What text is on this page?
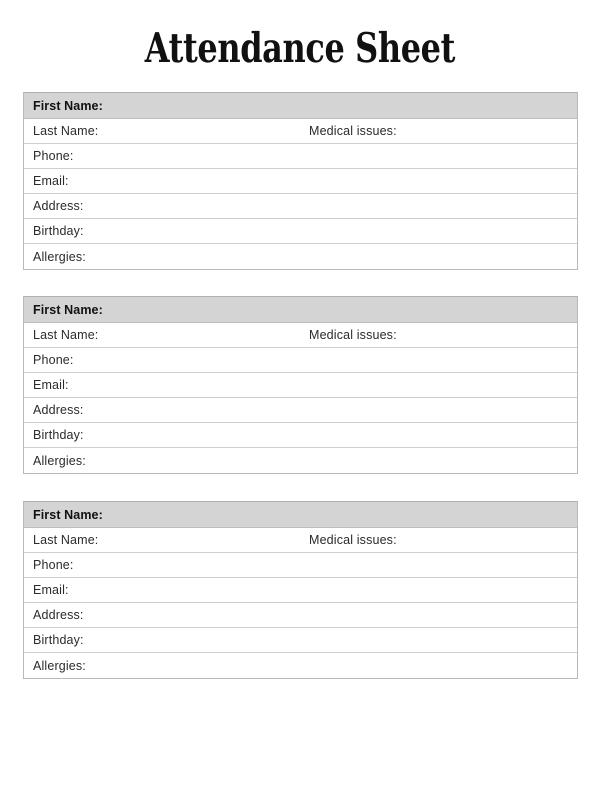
Attendance Sheet
First Name:
Last Name:	Medical issues:
Phone:
Email:
Address:
Birthday:
Allergies:
First Name:
Last Name:	Medical issues:
Phone:
Email:
Address:
Birthday:
Allergies:
First Name:
Last Name:	Medical issues:
Phone:
Email:
Address:
Birthday:
Allergies:
